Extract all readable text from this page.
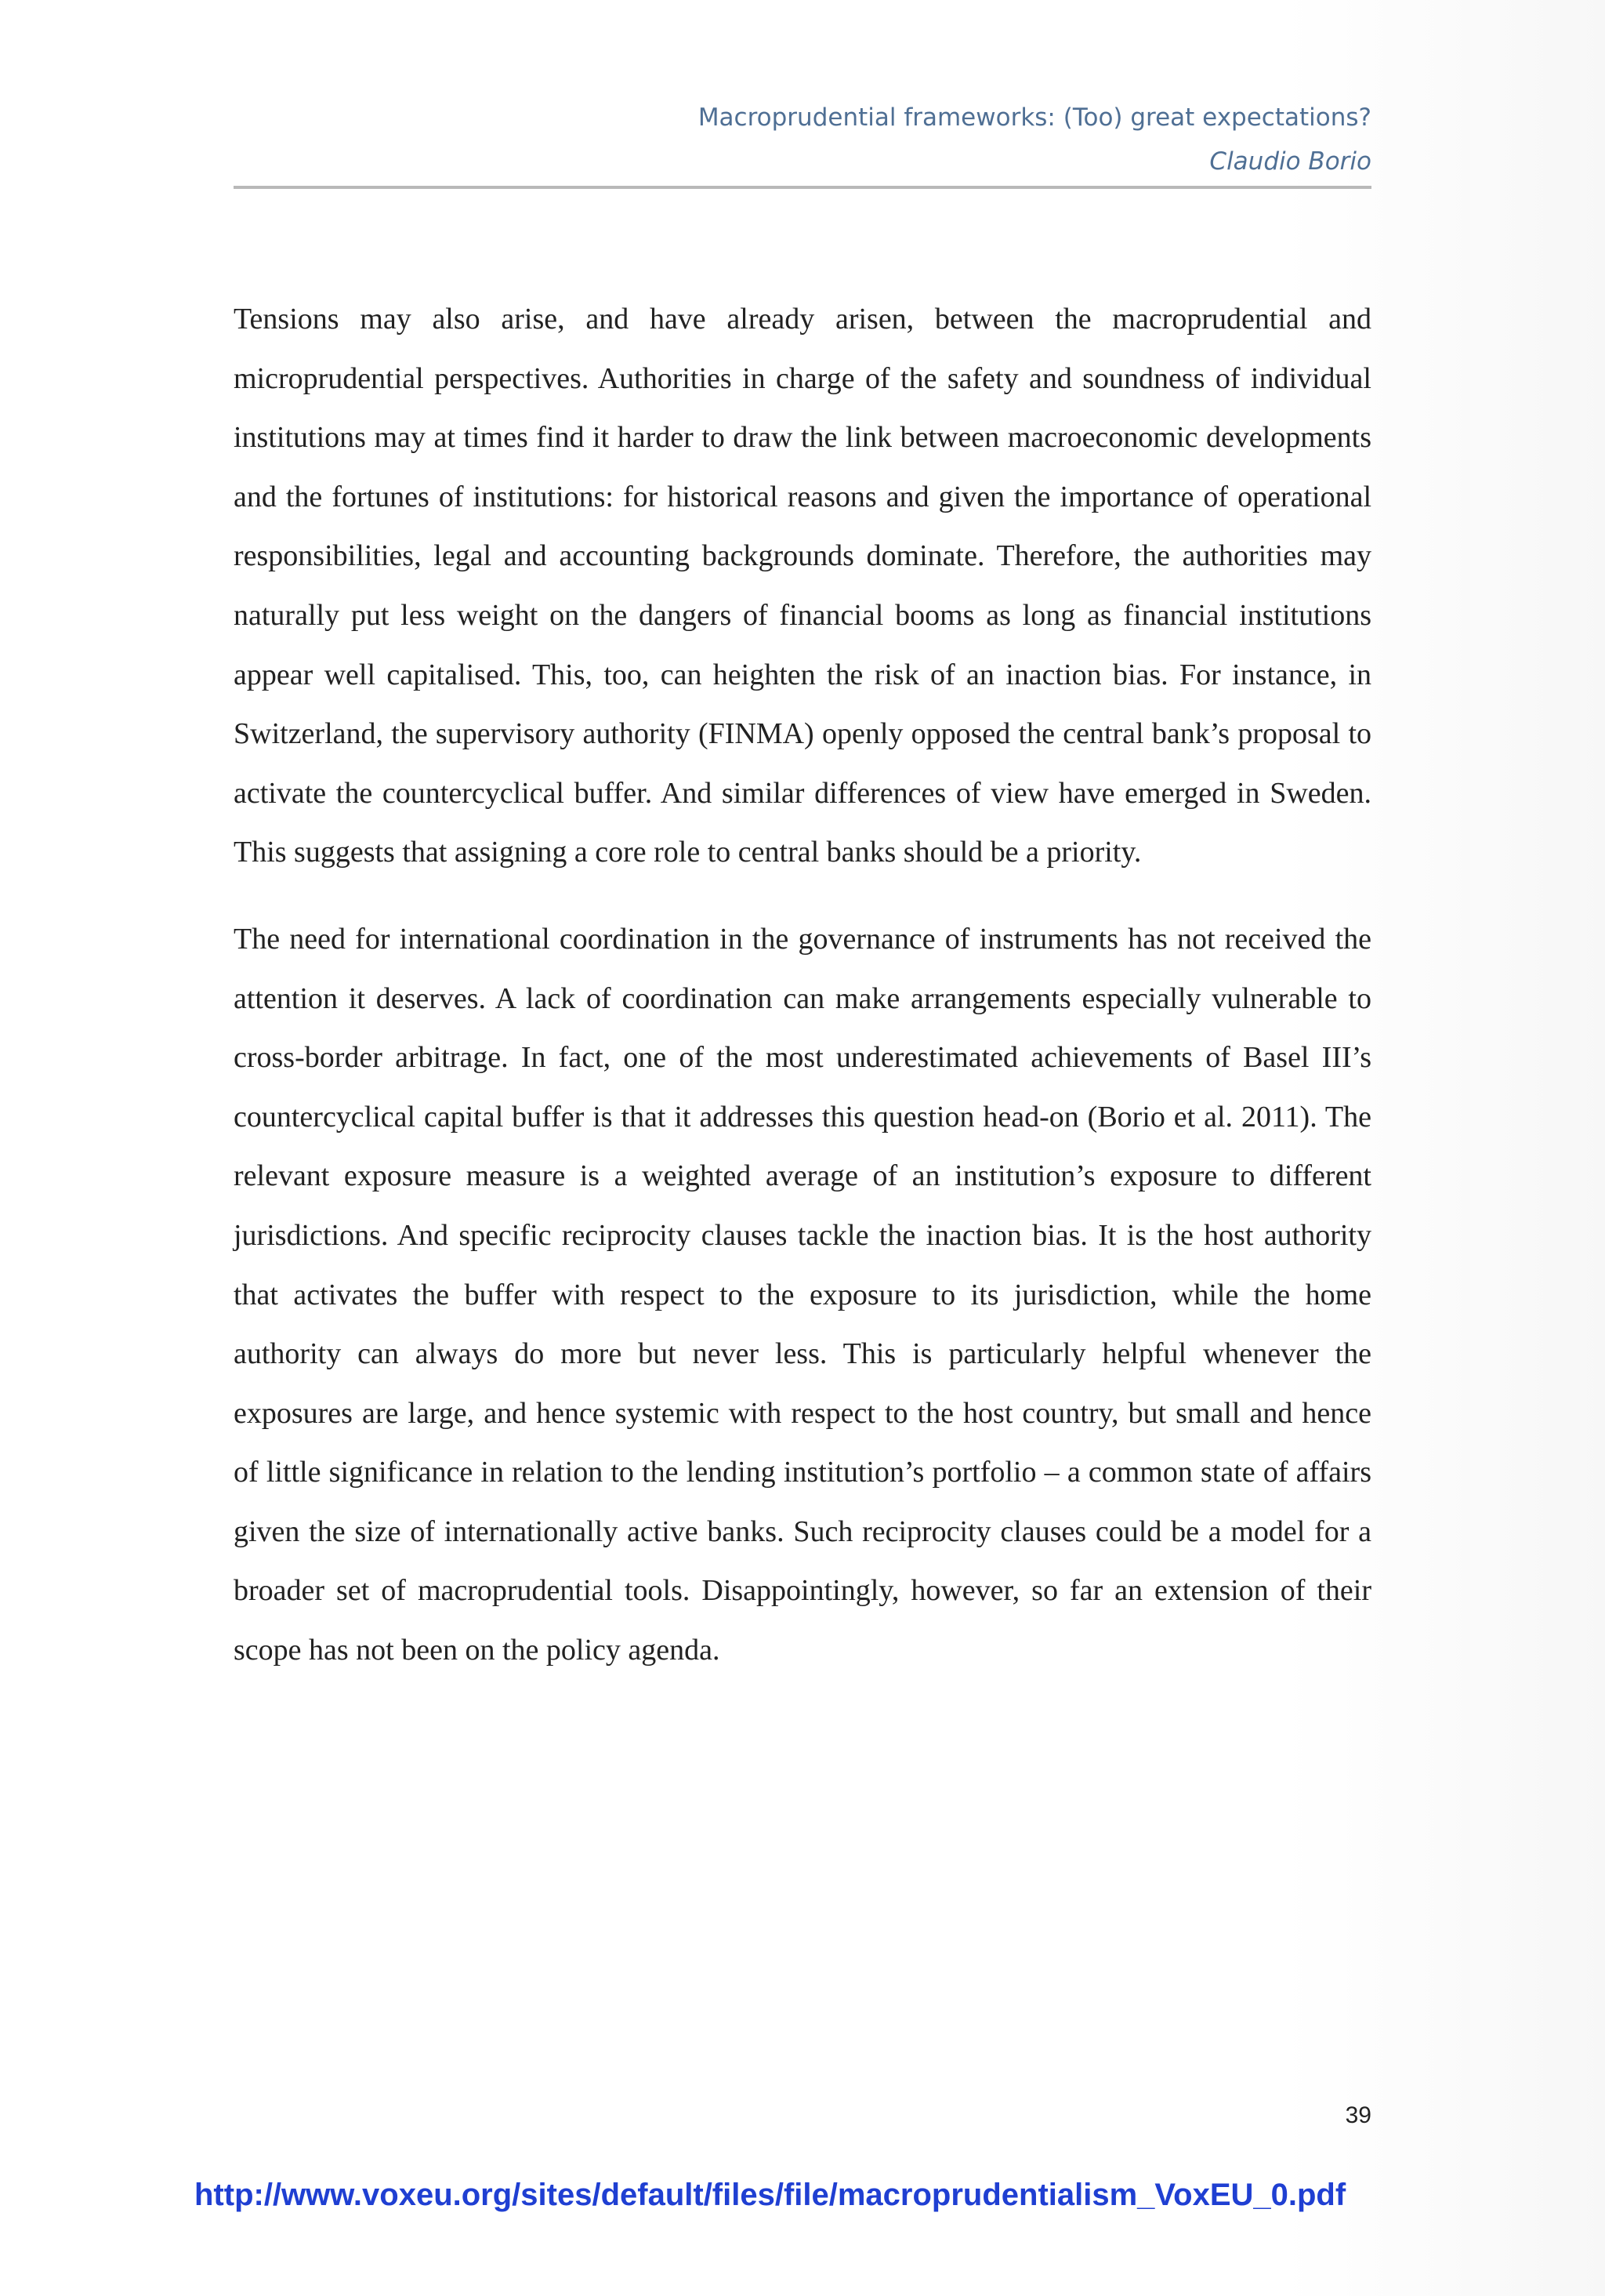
Macroprudential frameworks: (Too) great expectations?
Claudio Borio

Tensions may also arise, and have already arisen, between the macroprudential and microprudential perspectives. Authorities in charge of the safety and soundness of individual institutions may at times find it harder to draw the link between macroeconomic developments and the fortunes of institutions: for historical reasons and given the importance of operational responsibilities, legal and accounting backgrounds dominate. Therefore, the authorities may naturally put less weight on the dangers of financial booms as long as financial institutions appear well capitalised. This, too, can heighten the risk of an inaction bias. For instance, in Switzerland, the supervisory authority (FINMA) openly opposed the central bank’s proposal to activate the countercyclical buffer. And similar differences of view have emerged in Sweden. This suggests that assigning a core role to central banks should be a priority.

The need for international coordination in the governance of instruments has not received the attention it deserves. A lack of coordination can make arrangements especially vulnerable to cross-border arbitrage. In fact, one of the most underestimated achievements of Basel III’s countercyclical capital buffer is that it addresses this question head-on (Borio et al. 2011). The relevant exposure measure is a weighted average of an institution’s exposure to different jurisdictions. And specific reciprocity clauses tackle the inaction bias. It is the host authority that activates the buffer with respect to the exposure to its jurisdiction, while the home authority can always do more but never less. This is particularly helpful whenever the exposures are large, and hence systemic with respect to the host country, but small and hence of little significance in relation to the lending institution’s portfolio – a common state of affairs given the size of internationally active banks. Such reciprocity clauses could be a model for a broader set of macroprudential tools. Disappointingly, however, so far an extension of their scope has not been on the policy agenda.

39
http://www.voxeu.org/sites/default/files/file/macroprudentialism_VoxEU_0.pdf
